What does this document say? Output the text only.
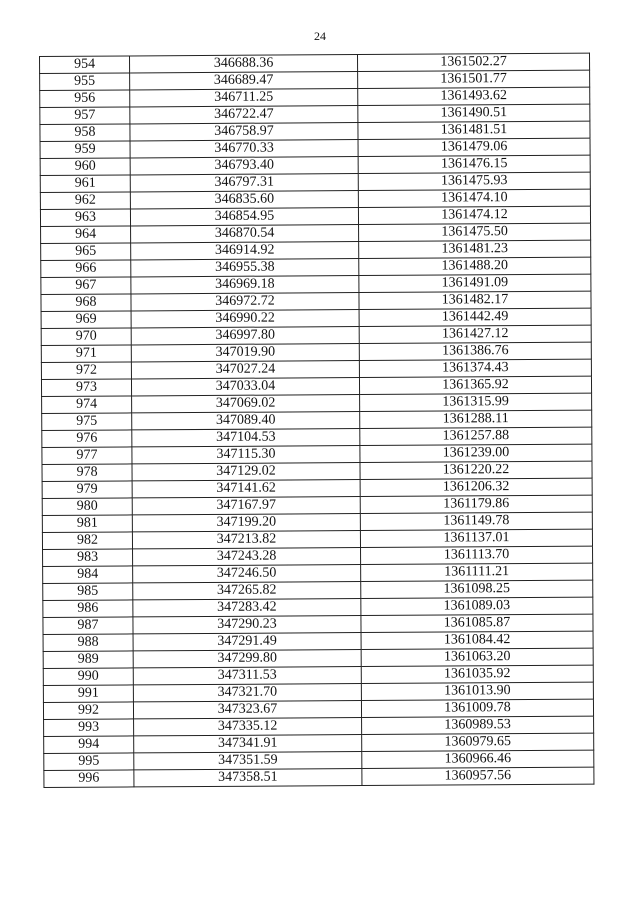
24
954	346688.36	1361502.27
955	346689.47	1361501.77
956	346711.25	1361493.62
957	346722.47	1361490.51
958	346758.97	1361481.51
959	346770.33	1361479.06
960	346793.40	1361476.15
961	346797.31	1361475.93
962	346835.60	1361474.10
963	346854.95	1361474.12
964	346870.54	1361475.50
965	346914.92	1361481.23
966	346955.38	1361488.20
967	346969.18	1361491.09
968	346972.72	1361482.17
969	346990.22	1361442.49
970	346997.80	1361427.12
971	347019.90	1361386.76
972	347027.24	1361374.43
973	347033.04	1361365.92
974	347069.02	1361315.99
975	347089.40	1361288.11
976	347104.53	1361257.88
977	347115.30	1361239.00
978	347129.02	1361220.22
979	347141.62	1361206.32
980	347167.97	1361179.86
981	347199.20	1361149.78
982	347213.82	1361137.01
983	347243.28	1361113.70
984	347246.50	1361111.21
985	347265.82	1361098.25
986	347283.42	1361089.03
987	347290.23	1361085.87
988	347291.49	1361084.42
989	347299.80	1361063.20
990	347311.53	1361035.92
991	347321.70	1361013.90
992	347323.67	1361009.78
993	347335.12	1360989.53
994	347341.91	1360979.65
995	347351.59	1360966.46
996	347358.51	1360957.56
